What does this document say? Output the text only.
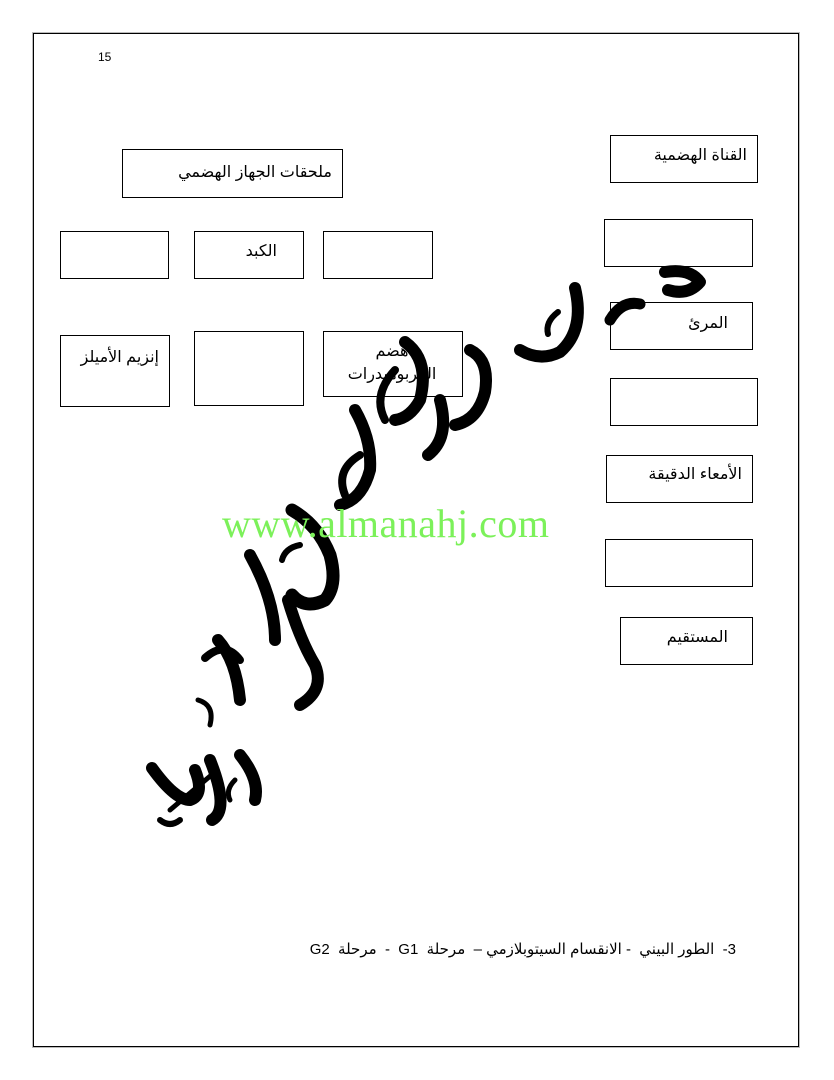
15
ملحقات الجهاز الهضمي
الكبد
إنزيم الأميلز	هضم الكربوهيدرات
القناة الهضمية
المرئ
الأمعاء الدقيقة
المستقيم
www.almanahj.com
3-  الطور البيني  - الانقسام السيتوبلازمي –  مرحلة  G1  -  مرحلة  G2
